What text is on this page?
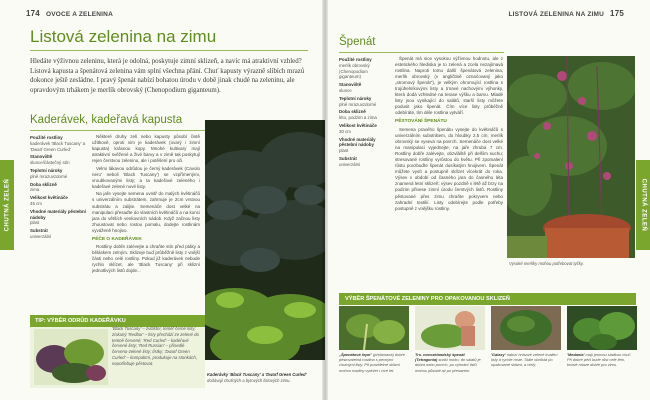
174 OVOCE A ZELENINA
CHUTNÁ ZELEŇ
Listová zelenina na zimu
Hledáte výživnou zeleninu, která je odolná, poskytuje zimní sklizeň, a navíc má atraktivní vzhled? Listová kapusta a špenátová zelenina vám splní všechna přání. Chuť kapusty výrazně slíbích mrazů dokonce ještě zesládne. I pravý špenát nabízí bohatou úrodu v době jinak chudé na zeleninu, ale opravdovým trhákem je merlík obrovský (Chenopodium giganteum).
Kaderávek, kadeřavá kapusta
Použité rostliny
kaderávek 'Black Tuscany' a 'Dwarf Green Curled'
Stanoviště
slunce/částečný stín
Teplotní nároky
plně mrazuvzdorné
Doba sklizně
zima
Velikost květináče
45 cm
Vhodné materiály pěstební nádoby
plast
Substrát
univerzální

Některé druhy zelí nebo kapusty působí čistě užitkově, oproti nim je kaderávek (ovarý i zimní kapusta) krásnou kopy. Mnohé kultivary mají atraktivní svěžené a živé barvy a v zimě tak poskytují rejen čerstvou zeleninu, ale i potěšení pro oči.

Velmi lákavou odrůdou je černý kaderávek (Cavolo nero' neboli 'Black Tuscany') se vzpřímenými, vroubkovanými listy; a ta kadeřavé zeleného i kadeřavé zelené nové listy.

Na jaře vysejte semena uvnitř do malých květináčů s univerzálním substrátem, zahrnuje je 2cm vrstvou substrátu a zalijte. Semenáče dost velké na manipulaci přesaďte do vlastních květináčů a na konci jara do větších venkovních nádob. Když začnou listy zhoustovat nebo rostou pomalu, dodejte rostlinám vyváženě hnojivo.

PÉČE O KADEŘÁVEK

Rostliny dobře zalévejte a chraňte stín před ptáky a běláskem zelným. Sklizeje buď průběžně listy z vnější části nebo celé rostliny. Pokud již kaderávek nebude rychlo sklízet, ale 'Black Tuscany' při sklizní jednotlivých listů dojde...

Kaderávky 'Black Tuscany' a 'Dwarf Green Curled' dodávají chuťných a bytových listových zimu.
TIP: VÝBĚR ODRŮD KADEŘÁVKU
'Black Tuscany' – zvláštní, téměř černé listy; získaný 'Redbor' – listy přechází ze zelené do temně červené; 'Red Curled' – kadeřavé červené listy; 'Red Russian' – přisedlé červeno-zelené listy; lístky; 'Dwarf Green Curled' – kompaktní, produkuje na stonkách, nepotřebuje pěstovat.
LISTOVÁ ZELENINA NA ZIMU 175
CHUTNÁ ZELEŇ
Špenát
Použité rostliny
merlík obrovský (Chenopodium giganteum)
Stanoviště
slunce
Teplotní nároky
plně mrazuvzdorné
Doba sklizně
léto, podzim a zima
Velikost květináče
30 cm
Vhodné materiály pěstební nádoby
plast
Substrát
univerzální

Špenát má sice vysokou výživnou hodnotu, ale z estetického hlediska je to zelená a zcela nezajímavá rostlina. Naproti tomu další špenátová zelenina, merlík obrovský (v angličtině označovaný jako „stromový špenát"), je velkým ohromující rostlina s trojúhelníkovými listy a trnavé nachovými výhonky, která dodá vzhledné na terase výšku a barvu. Mladé listy jsou vynikající do salátů, starší listy můžete podusit jako špenát. Čím více listy průběžně odebíráte, tím déle rostlina vytváří.

PĚSTOVÁNÍ ŠPENÁTU

Semena pravého špenátu vysejte do květináčů s univerzálním substrátem, do hloubky 2,5 cm; merlík obrovský se vyseva na povrch. Semenáče dost velké na manipulaci vyjednejte, na jaře zhruba 7 cm. Rostliny dobře zalévejte, obzvláště při delším suchu; stresované rostliny vyrůstou do květu. Při zpomalení růstu povzbuďte špenát dusíkatým hnojivem. Špenát můžete vysít a postupně sklízet vícekrát do roka. Výsev v období od časného jara do časného léta znamená letní sklizeň; výsev pozdně v létě až brzy na podzim přinese zimní úrodu čerstvých listů. Rostliny pěstované přes zimu chraňte pokryvem nebo zahradní textilií. Listy odebírejte podle potřeby postupně z vnějšku rostliny.

Vysoké merlíky mohou potřebovat tyčky.
VÝBĚR ŠPENÁTOVÉ ZELENINY PRO OPAKOVANOU SKLIZEŇ
„Špenátová řepa" (přelámaná) dobře pěstovatelná rostlina s pevnými chutnými listy. Při pravidelné sklizni mohou rostliny vydržet i více let.
Trs. novozélandský špenát (Tetragonia) snáší horko; do sálatů je dobrá nebo povrch, po vyhnání listů mohou působit až po přesazení.
'Galaxy' nabízí hnisavě zelené kvalitní listy a rychle roste. Stále obrůstá po opakované sklizni, a vřelý.
'Medania' mají jemnou sladkou chuť. Při dobré péči bude růst celé léto, tmavě mlaze dobře pro zimu.
